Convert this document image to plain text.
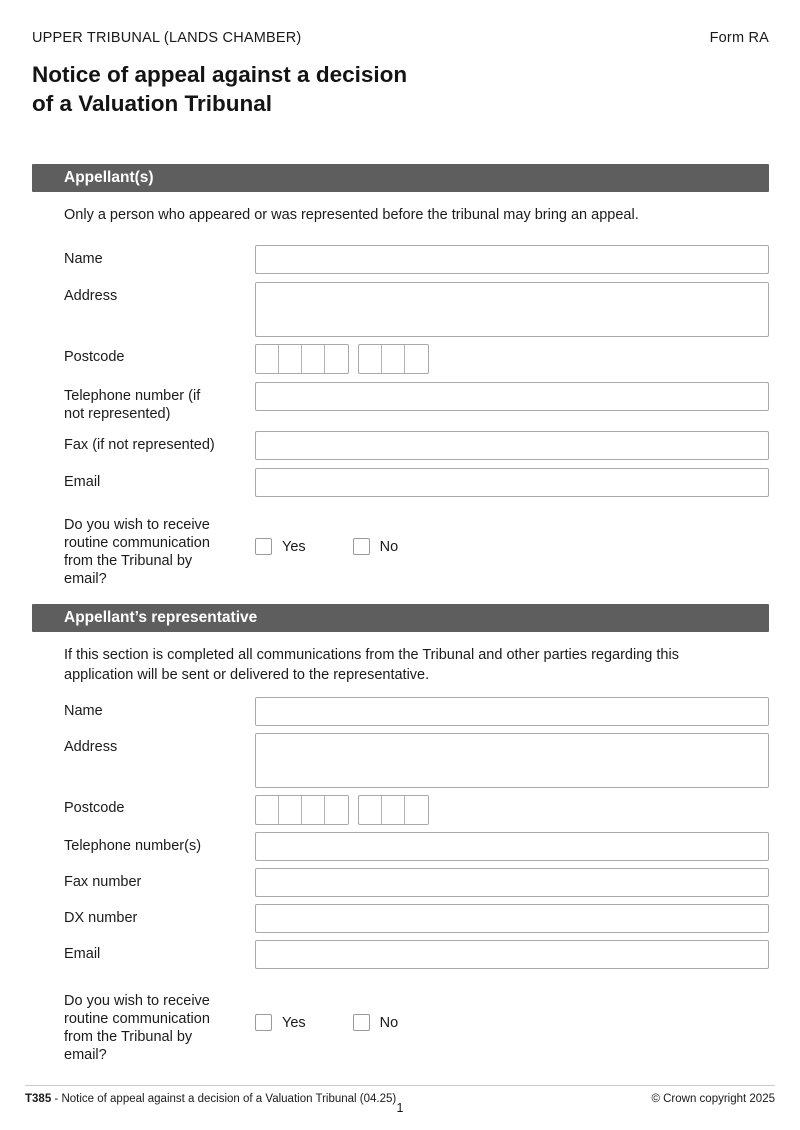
UPPER TRIBUNAL (LANDS CHAMBER)	Form RA
Notice of appeal against a decision
of a Valuation Tribunal
Appellant(s)

Only a person who appeared or was represented before the tribunal may bring an appeal.

Name
Address
Postcode
Telephone number (if not represented)
Fax (if not represented)
Email
Do you wish to receive routine communication from the Tribunal by email?
Yes	No
Appellant’s representative

If this section is completed all communications from the Tribunal and other parties regarding this application will be sent or delivered to the representative.

Name
Address
Postcode
Telephone number(s)
Fax number
DX number
Email
Do you wish to receive routine communication from the Tribunal by email?
Yes	No
T385 - Notice of appeal against a decision of a Valuation Tribunal (04.25)	© Crown copyright 2025
1
